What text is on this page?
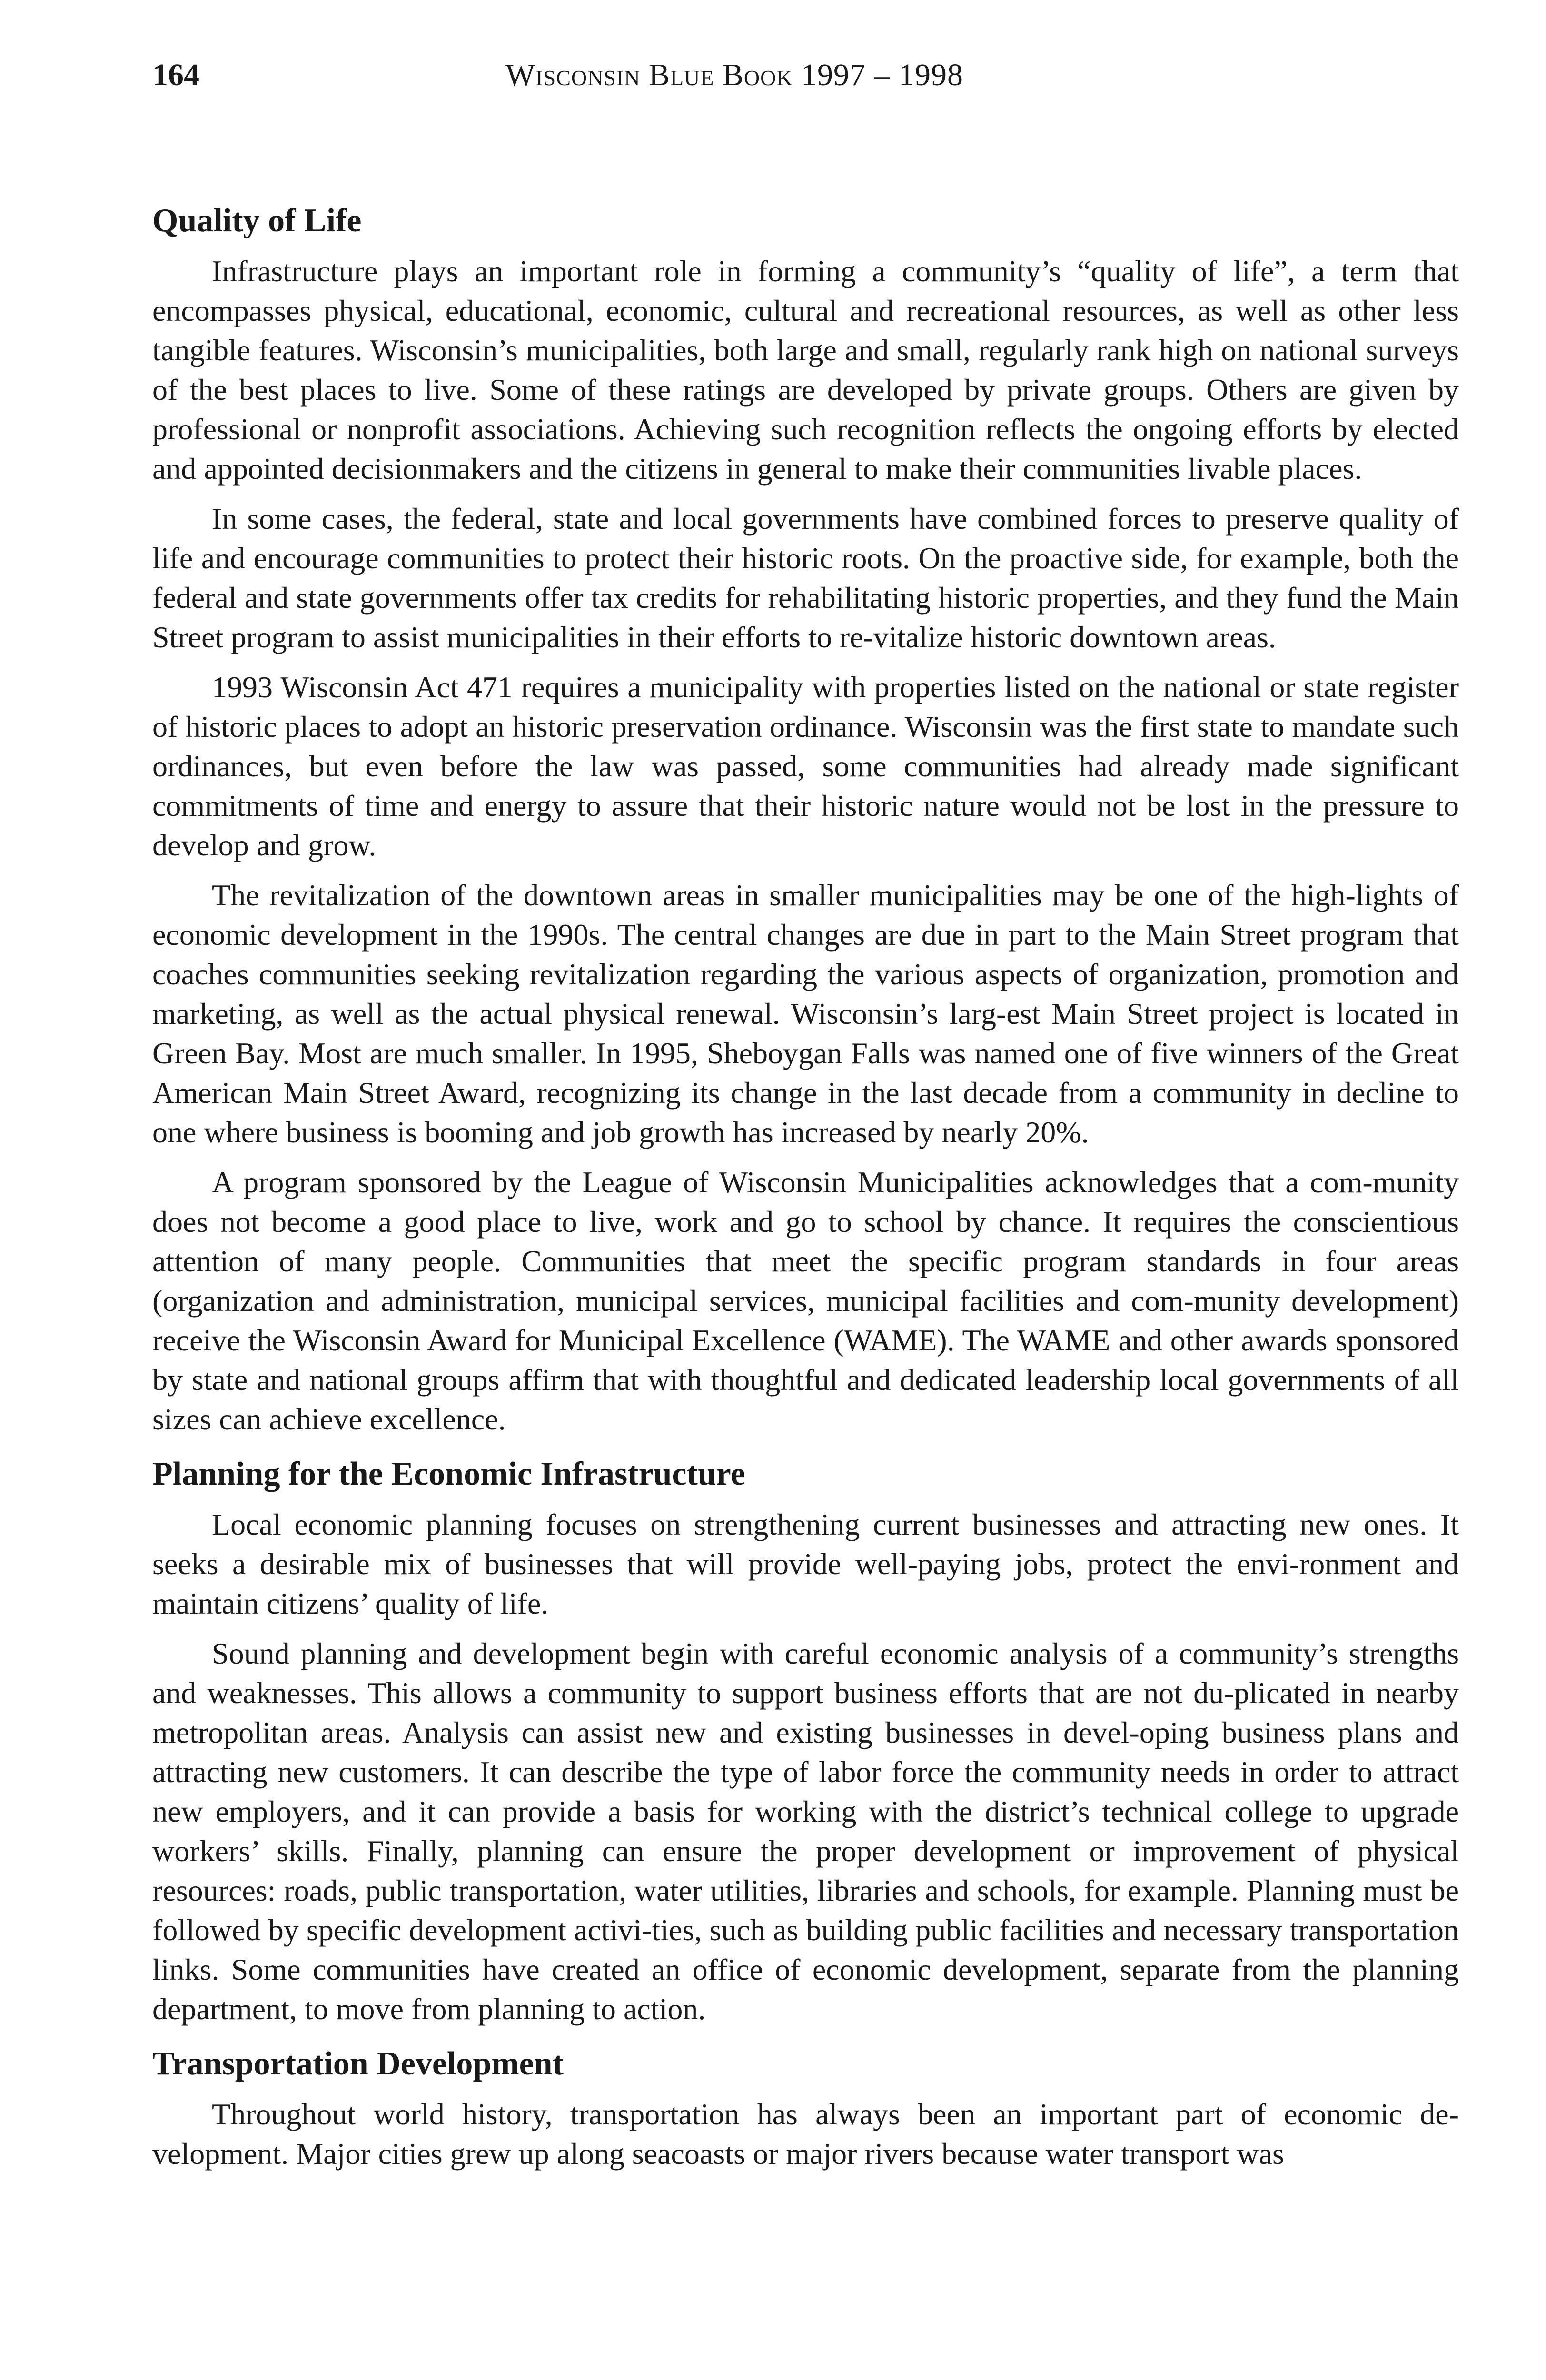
164	Wisconsin Blue Book 1997 – 1998
Quality of Life

Infrastructure plays an important role in forming a community’s “quality of life”, a term that encompasses physical, educational, economic, cultural and recreational resources, as well as other less tangible features. Wisconsin’s municipalities, both large and small, regularly rank high on national surveys of the best places to live. Some of these ratings are developed by private groups. Others are given by professional or nonprofit associations. Achieving such recognition reflects the ongoing efforts by elected and appointed decisionmakers and the citizens in general to make their communities livable places.

In some cases, the federal, state and local governments have combined forces to preserve quality of life and encourage communities to protect their historic roots. On the proactive side, for example, both the federal and state governments offer tax credits for rehabilitating historic properties, and they fund the Main Street program to assist municipalities in their efforts to re-vitalize historic downtown areas.

1993 Wisconsin Act 471 requires a municipality with properties listed on the national or state register of historic places to adopt an historic preservation ordinance. Wisconsin was the first state to mandate such ordinances, but even before the law was passed, some communities had already made significant commitments of time and energy to assure that their historic nature would not be lost in the pressure to develop and grow.

The revitalization of the downtown areas in smaller municipalities may be one of the high-lights of economic development in the 1990s. The central changes are due in part to the Main Street program that coaches communities seeking revitalization regarding the various aspects of organization, promotion and marketing, as well as the actual physical renewal. Wisconsin’s larg-est Main Street project is located in Green Bay. Most are much smaller. In 1995, Sheboygan Falls was named one of five winners of the Great American Main Street Award, recognizing its change in the last decade from a community in decline to one where business is booming and job growth has increased by nearly 20%.

A program sponsored by the League of Wisconsin Municipalities acknowledges that a com-munity does not become a good place to live, work and go to school by chance. It requires the conscientious attention of many people. Communities that meet the specific program standards in four areas (organization and administration, municipal services, municipal facilities and com-munity development) receive the Wisconsin Award for Municipal Excellence (WAME). The WAME and other awards sponsored by state and national groups affirm that with thoughtful and dedicated leadership local governments of all sizes can achieve excellence.

Planning for the Economic Infrastructure

Local economic planning focuses on strengthening current businesses and attracting new ones. It seeks a desirable mix of businesses that will provide well-paying jobs, protect the envi-ronment and maintain citizens’ quality of life.

Sound planning and development begin with careful economic analysis of a community’s strengths and weaknesses. This allows a community to support business efforts that are not du-plicated in nearby metropolitan areas. Analysis can assist new and existing businesses in devel-oping business plans and attracting new customers. It can describe the type of labor force the community needs in order to attract new employers, and it can provide a basis for working with the district’s technical college to upgrade workers’ skills. Finally, planning can ensure the proper development or improvement of physical resources: roads, public transportation, water utilities, libraries and schools, for example. Planning must be followed by specific development activi-ties, such as building public facilities and necessary transportation links. Some communities have created an office of economic development, separate from the planning department, to move from planning to action.

Transportation Development

Throughout world history, transportation has always been an important part of economic de-velopment. Major cities grew up along seacoasts or major rivers because water transport was
